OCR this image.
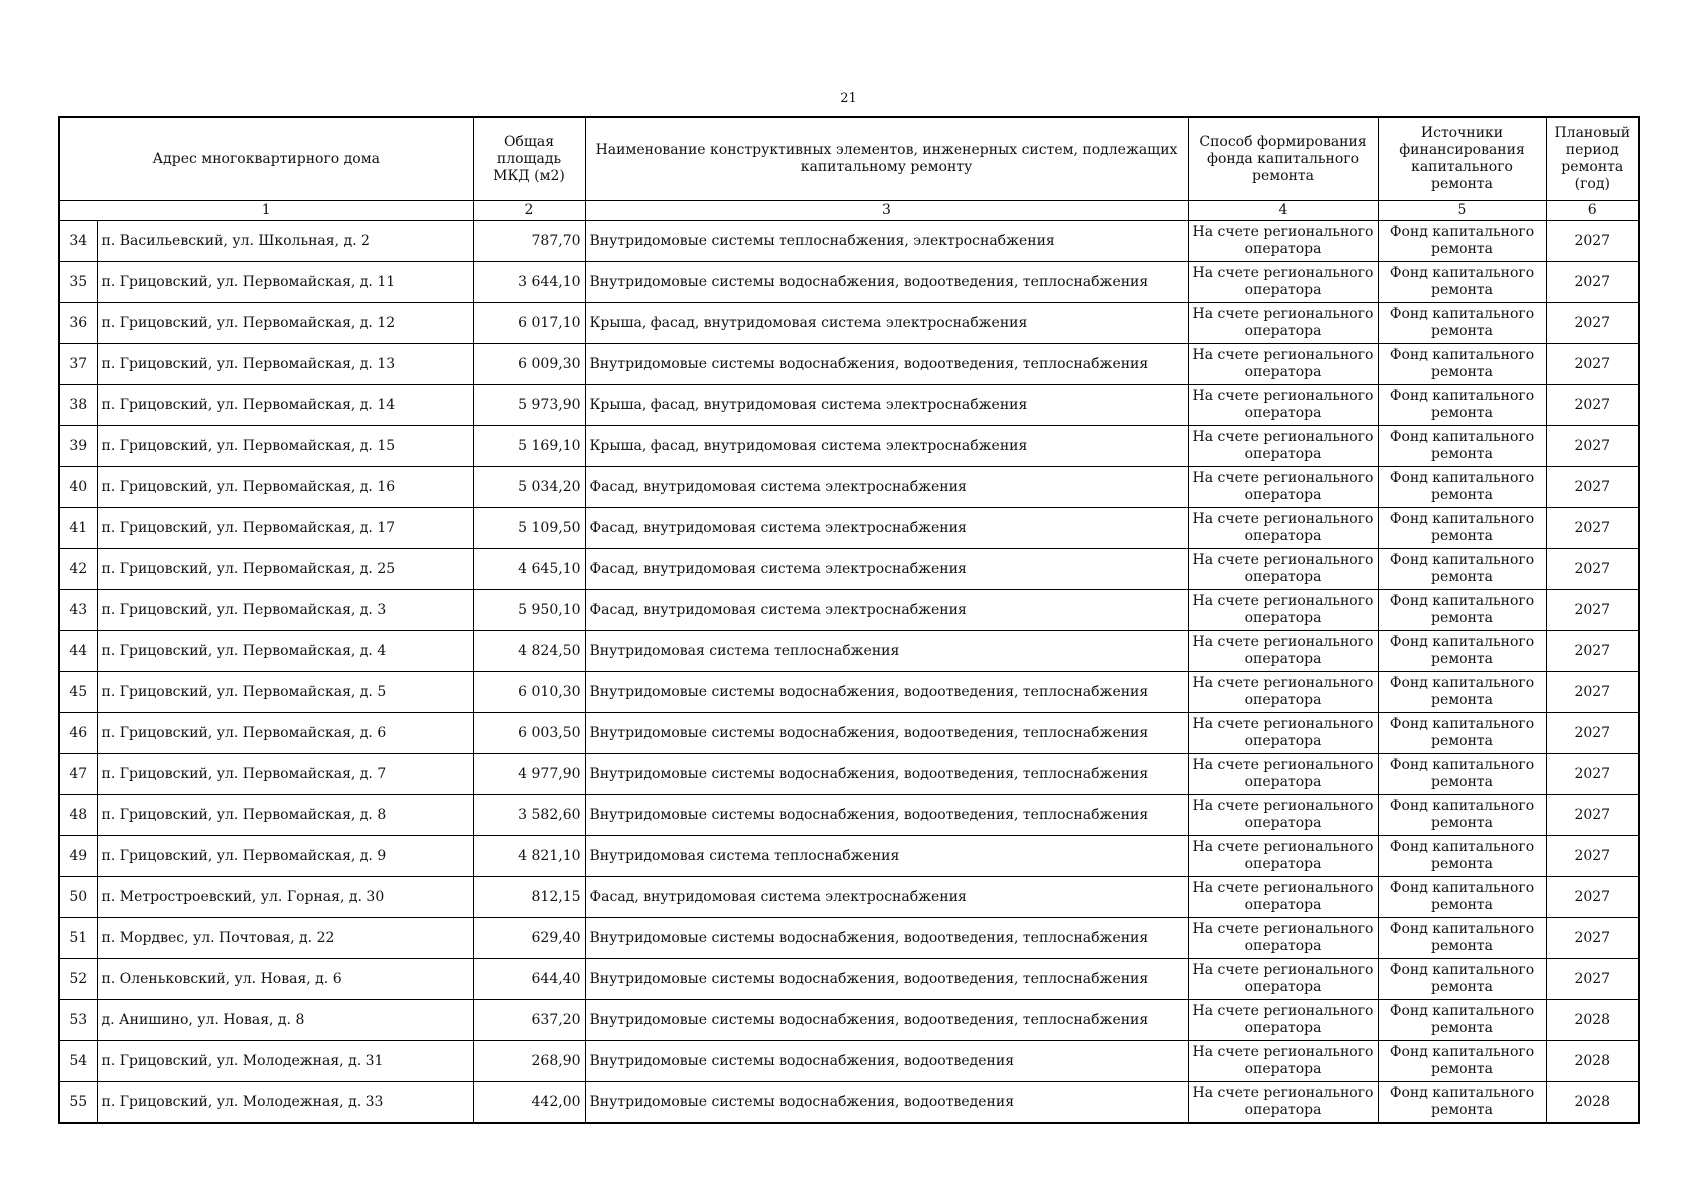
21
Адрес многоквартирного дома		Общая площадь МКД (м2)	Наименование конструктивных элементов, инженерных систем, подлежащих капитальному ремонту	Способ формирования фонда капитального ремонта	Источники финансирования капитального ремонта	Плановый период ремонта (год)
1		2	3	4	5	6
34	п. Васильевский, ул. Школьная, д. 2	787,70	Внутридомовые системы теплоснабжения, электроснабжения	На счете регионального оператора	Фонд капитального ремонта	2027
35	п. Грицовский, ул. Первомайская, д. 11	3 644,10	Внутридомовые системы водоснабжения, водоотведения, теплоснабжения	На счете регионального оператора	Фонд капитального ремонта	2027
36	п. Грицовский, ул. Первомайская, д. 12	6 017,10	Крыша, фасад, внутридомовая система электроснабжения	На счете регионального оператора	Фонд капитального ремонта	2027
37	п. Грицовский, ул. Первомайская, д. 13	6 009,30	Внутридомовые системы водоснабжения, водоотведения, теплоснабжения	На счете регионального оператора	Фонд капитального ремонта	2027
38	п. Грицовский, ул. Первомайская, д. 14	5 973,90	Крыша, фасад, внутридомовая система электроснабжения	На счете регионального оператора	Фонд капитального ремонта	2027
39	п. Грицовский, ул. Первомайская, д. 15	5 169,10	Крыша, фасад, внутридомовая система электроснабжения	На счете регионального оператора	Фонд капитального ремонта	2027
40	п. Грицовский, ул. Первомайская, д. 16	5 034,20	Фасад, внутридомовая система электроснабжения	На счете регионального оператора	Фонд капитального ремонта	2027
41	п. Грицовский, ул. Первомайская, д. 17	5 109,50	Фасад, внутридомовая система электроснабжения	На счете регионального оператора	Фонд капитального ремонта	2027
42	п. Грицовский, ул. Первомайская, д. 25	4 645,10	Фасад, внутридомовая система электроснабжения	На счете регионального оператора	Фонд капитального ремонта	2027
43	п. Грицовский, ул. Первомайская, д. 3	5 950,10	Фасад, внутридомовая система электроснабжения	На счете регионального оператора	Фонд капитального ремонта	2027
44	п. Грицовский, ул. Первомайская, д. 4	4 824,50	Внутридомовая система теплоснабжения	На счете регионального оператора	Фонд капитального ремонта	2027
45	п. Грицовский, ул. Первомайская, д. 5	6 010,30	Внутридомовые системы водоснабжения, водоотведения, теплоснабжения	На счете регионального оператора	Фонд капитального ремонта	2027
46	п. Грицовский, ул. Первомайская, д. 6	6 003,50	Внутридомовые системы водоснабжения, водоотведения, теплоснабжения	На счете регионального оператора	Фонд капитального ремонта	2027
47	п. Грицовский, ул. Первомайская, д. 7	4 977,90	Внутридомовые системы водоснабжения, водоотведения, теплоснабжения	На счете регионального оператора	Фонд капитального ремонта	2027
48	п. Грицовский, ул. Первомайская, д. 8	3 582,60	Внутридомовые системы водоснабжения, водоотведения, теплоснабжения	На счете регионального оператора	Фонд капитального ремонта	2027
49	п. Грицовский, ул. Первомайская, д. 9	4 821,10	Внутридомовая система теплоснабжения	На счете регионального оператора	Фонд капитального ремонта	2027
50	п. Метростроевский, ул. Горная, д. 30	812,15	Фасад, внутридомовая система электроснабжения	На счете регионального оператора	Фонд капитального ремонта	2027
51	п. Мордвес, ул. Почтовая, д. 22	629,40	Внутридомовые системы водоснабжения, водоотведения, теплоснабжения	На счете регионального оператора	Фонд капитального ремонта	2027
52	п. Оленьковский, ул. Новая, д. 6	644,40	Внутридомовые системы водоснабжения, водоотведения, теплоснабжения	На счете регионального оператора	Фонд капитального ремонта	2027
53	д. Анишино, ул. Новая, д. 8	637,20	Внутридомовые системы водоснабжения, водоотведения, теплоснабжения	На счете регионального оператора	Фонд капитального ремонта	2028
54	п. Грицовский, ул. Молодежная, д. 31	268,90	Внутридомовые системы водоснабжения, водоотведения	На счете регионального оператора	Фонд капитального ремонта	2028
55	п. Грицовский, ул. Молодежная, д. 33	442,00	Внутридомовые системы водоснабжения, водоотведения	На счете регионального оператора	Фонд капитального ремонта	2028
